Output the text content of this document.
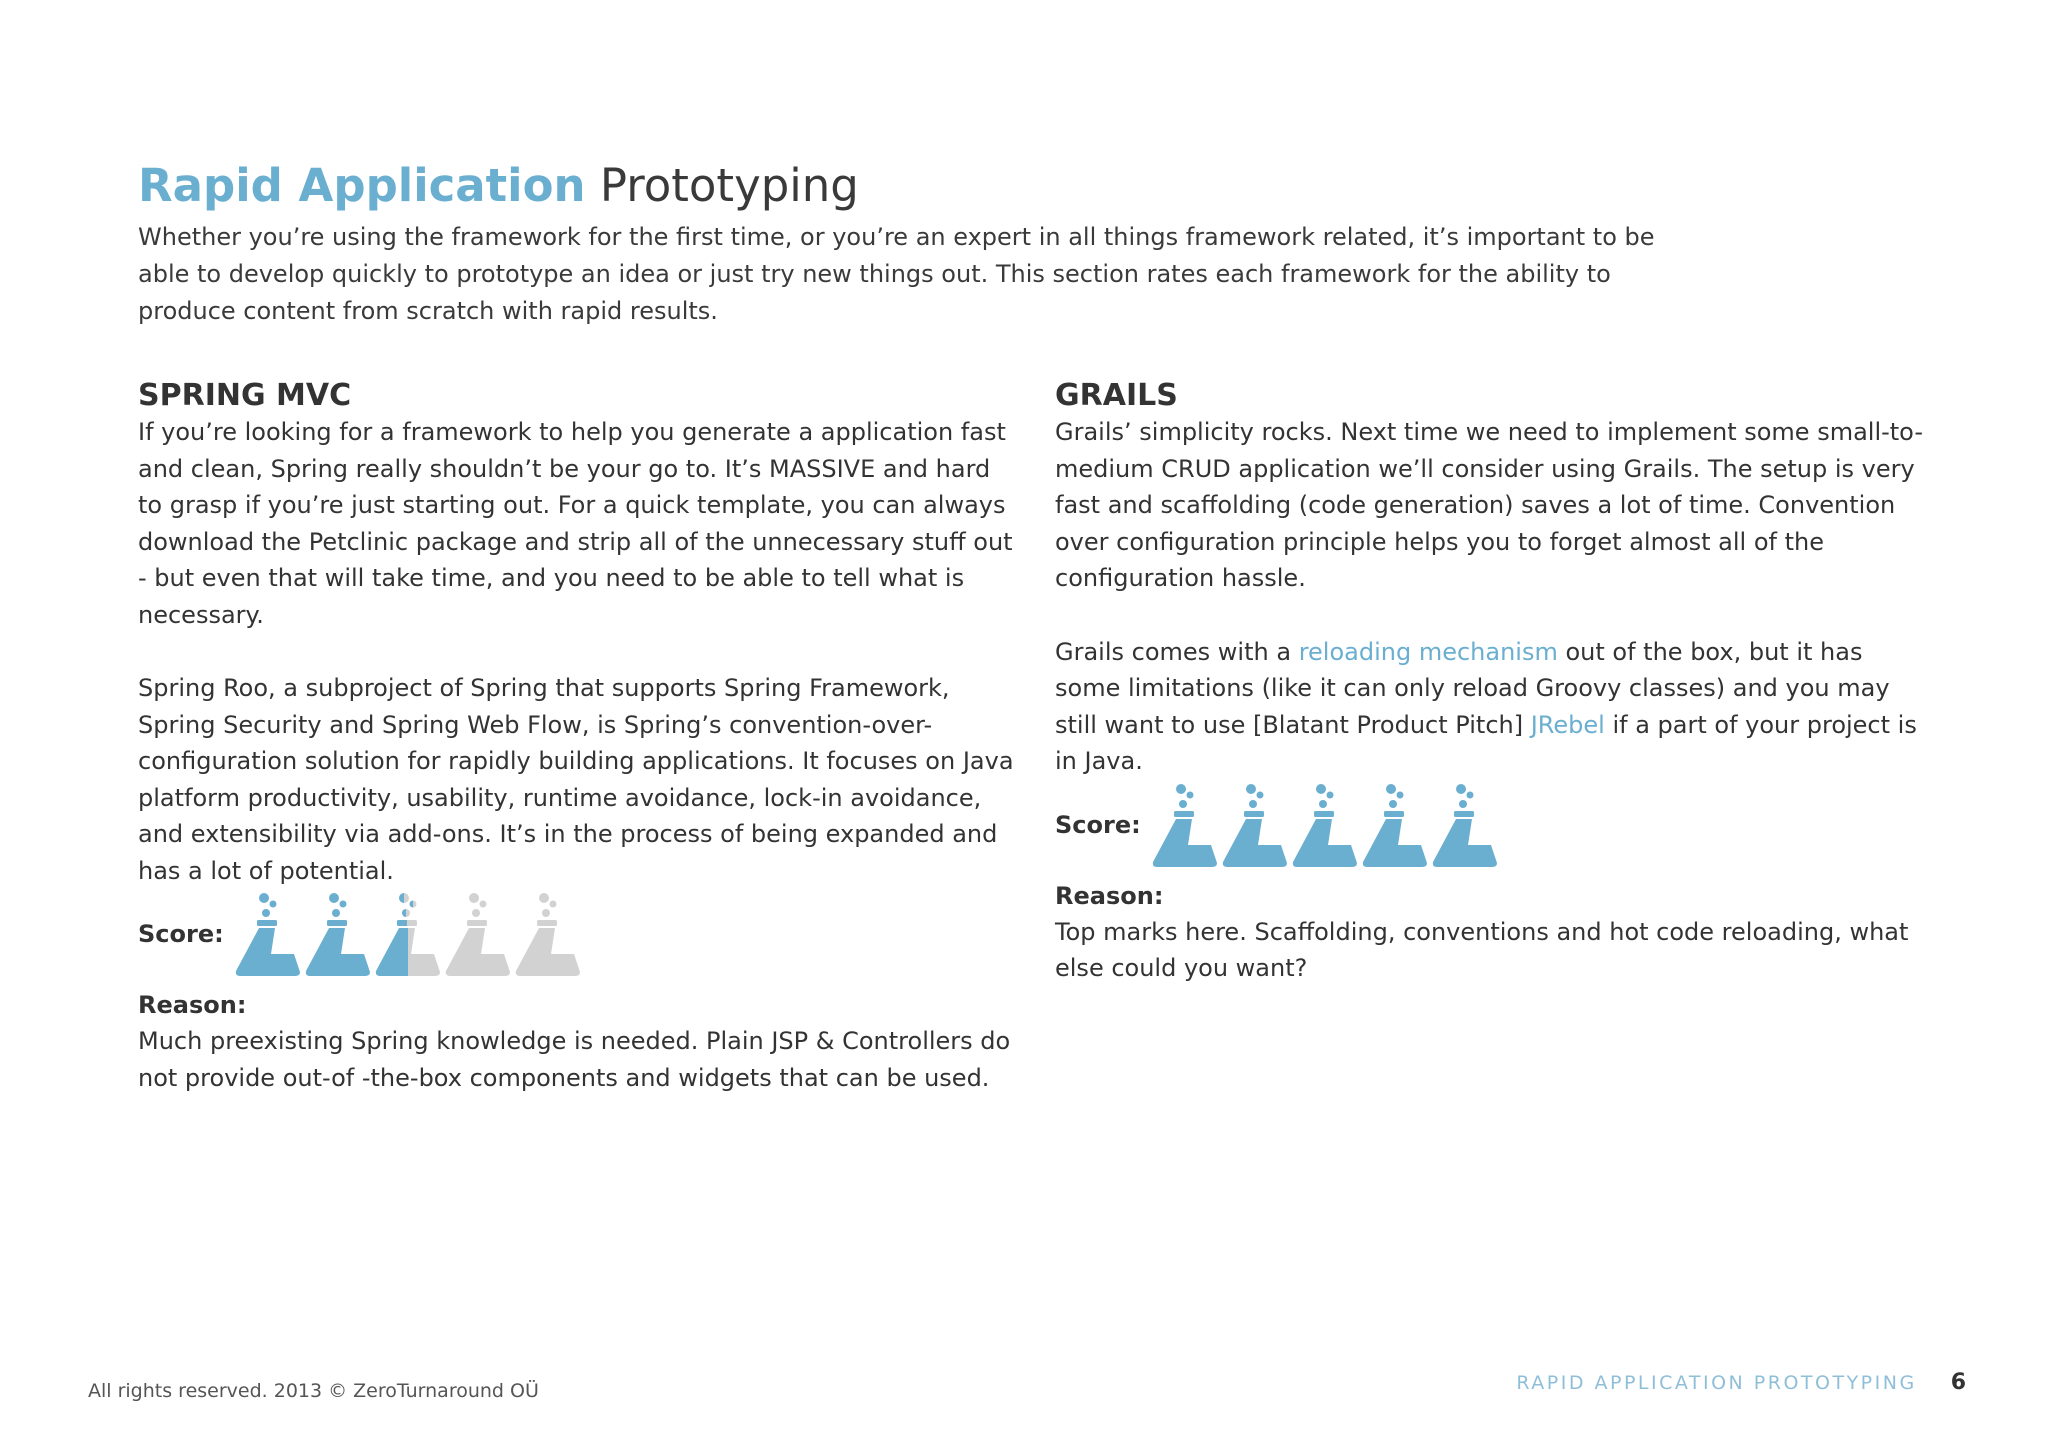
Rapid Application Prototyping

Whether you’re using the framework for the first time, or you’re an expert in all things framework related, it’s important to be able to develop quickly to prototype an idea or just try new things out. This section rates each framework for the ability to produce content from scratch with rapid results.

SPRING MVC

If you’re looking for a framework to help you generate a application fast and clean, Spring really shouldn’t be your go to. It’s MASSIVE and hard to grasp if you’re just starting out. For a quick template, you can always download the Petclinic package and strip all of the unnecessary stuff out - but even that will take time, and you need to be able to tell what is necessary.

Spring Roo, a subproject of Spring that supports Spring Framework, Spring Security and Spring Web Flow, is Spring’s convention-over-configuration solution for rapidly building applications. It focuses on Java platform productivity, usability, runtime avoidance, lock-in avoidance, and extensibility via add-ons. It’s in the process of being expanded and has a lot of potential.

Score:
Reason:

Much preexisting Spring knowledge is needed. Plain JSP & Controllers do not provide out-of -the-box components and widgets that can be used.

GRAILS

Grails’ simplicity rocks. Next time we need to implement some small-to-medium CRUD application we’ll consider using Grails. The setup is very fast and scaffolding (code generation) saves a lot of time. Convention over configuration principle helps you to forget almost all of the configuration hassle.

Grails comes with a reloading mechanism out of the box, but it has some limitations (like it can only reload Groovy classes) and you may still want to use [Blatant Product Pitch] JRebel if a part of your project is in Java.

Score:
Reason:

Top marks here. Scaffolding, conventions and hot code reloading, what else could you want?

All rights reserved. 2013 © ZeroTurnaround OÜ	RAPID APPLICATION PROTOTYPING 6
